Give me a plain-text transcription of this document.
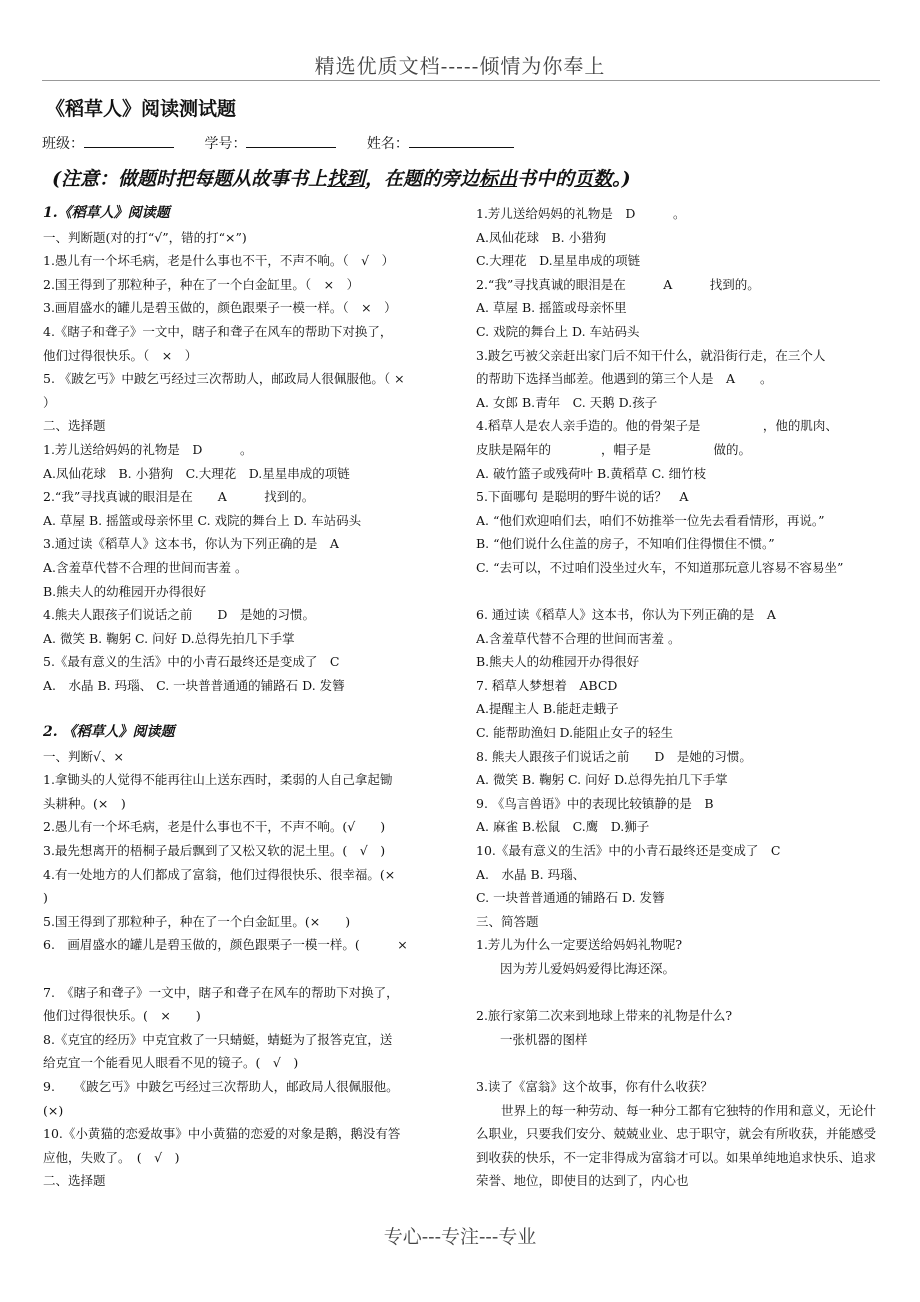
精选优质文档-----倾情为你奉上
《稻草人》阅读测试题
班级：	学号：	姓名：
(注意：做题时把每题从故事书上找到，在题的旁边标出书中的页数。)
1.《稻草人》阅读题
一、判断题(对的打“√”，错的打“×”)
1.愚儿有一个坏毛病，老是什么事也不干，不声不响。（　√　）
2.国王得到了那粒种子，种在了一个白金缸里。（　×　）
3.画眉盛水的罐儿是碧玉做的，颜色跟栗子一模一样。（　×　）
4.《瞎子和聋子》一文中，瞎子和聋子在风车的帮助下对换了，
他们过得很快乐。（　×　）
5. 《跛乞丐》中跛乞丐经过三次帮助人，邮政局人很佩服他。（ ×
）
二、选择题
1.芳儿送给妈妈的礼物是　D　　　。
A.凤仙花球　B. 小猎狗　C.大理花　D.星星串成的项链
2.“我”寻找真诚的眼泪是在　　A　　　找到的。
A. 草屋 B. 摇篮或母亲怀里 C. 戏院的舞台上 D. 车站码头
3.通过读《稻草人》这本书，你认为下列正确的是　A　　　　
A.含羞草代替不合理的世间而害羞 。
B.熊夫人的幼稚园开办得很好
4.熊夫人跟孩子们说话之前　　D　是她的习惯。
A. 微笑 B. 鞠躬 C. 问好 D.总得先拍几下手掌
5.《最有意义的生活》中的小青石最终还是变成了　C　　
A.　水晶 B. 玛瑙、 C. 一块普普通通的铺路石 D. 发簪
2. 《稻草人》阅读题
一、判断√、×
1.拿锄头的人觉得不能再往山上送东西时，柔弱的人自己拿起锄
头耕种。(×　)
2.愚儿有一个坏毛病，老是什么事也不干，不声不响。(√　　)
3.最先想离开的梧桐子最后飘到了又松又软的泥土里。(　√　)
4.有一处地方的人们都成了富翁，他们过得很快乐、很幸福。(×
)
5.国王得到了那粒种子，种在了一个白金缸里。(×　　)
6.　画眉盛水的罐儿是碧玉做的，颜色跟栗子一模一样。(　　　×
7.　《瞎子和聋子》一文中，瞎子和聋子在风车的帮助下对换了，
他们过得很快乐。(　×　　)
8.《克宜的经历》中克宜救了一只蜻蜓，蜻蜓为了报答克宜，送
给克宜一个能看见人眼看不见的镜子。(　√　)
9.　　《跛乞丐》中跛乞丐经过三次帮助人，邮政局人很佩服他。
(×)
10.《小黄猫的恋爱故事》中小黄猫的恋爱的对象是鹅，鹅没有答
应他，失败了。　(　√　)
二、选择题
1.芳儿送给妈妈的礼物是　D　　　。
A.凤仙花球　B. 小猎狗
C.大理花　D.星星串成的项链
2.“我”寻找真诚的眼泪是在　　　A　　　找到的。
A. 草屋 B. 摇篮或母亲怀里
C. 戏院的舞台上 D. 车站码头
3.跛乞丐被父亲赶出家门后不知干什么，就沿街行走，在三个人
的帮助下选择当邮差。他遇到的第三个人是　A　　。
A. 女郎 B.青年　C. 天鹅 D.孩子
4.稻草人是农人亲手造的。他的骨架子是　　　　　，他的肌肉、
皮肤是隔年的　　　　，帽子是　　　　　做的。
A. 破竹篮子或残荷叶 B.黄稻草 C. 细竹枝
5.下面哪句 是聪明的野牛说的话？　A　　
A. “他们欢迎咱们去，咱们不妨推举一位先去看看情形，再说。”
B. “他们说什么住盖的房子，不知咱们住得惯住不惯。”
C. “去可以，不过咱们没坐过火车，不知道那玩意儿容易不容易坐”
6. 通过读《稻草人》这本书，你认为下列正确的是　A　　　
A.含羞草代替不合理的世间而害羞 。
B.熊夫人的幼稚园开办得很好
7. 稻草人梦想着　ABCD　　　　
A.提醒主人 B.能赶走蛾子
C. 能帮助渔妇 D.能阻止女子的轻生
8. 熊夫人跟孩子们说话之前　　D　是她的习惯。
A. 微笑 B. 鞠躬 C. 问好 D.总得先拍几下手掌
9. 《鸟言兽语》中的表现比较镇静的是　B　　
A. 麻雀 B.松鼠　C.鹰　D.狮子
10.《最有意义的生活》中的小青石最终还是变成了　C　　
A.　水晶 B. 玛瑙、
C. 一块普普通通的铺路石 D. 发簪
三、简答题
1.芳儿为什么一定要送给妈妈礼物呢?
因为芳儿爱妈妈爱得比海还深。
2.旅行家第二次来到地球上带来的礼物是什么?
一张机器的图样
3.读了《富翁》这个故事，你有什么收获？
世界上的每一种劳动、每一种分工都有它独特的作用和意义，无论什么职业，只要我们安分、兢兢业业、忠于职守，就会有所收获，并能感受到收获的快乐，不一定非得成为富翁才可以。如果单纯地追求快乐、追求荣誉、地位，即使目的达到了，内心也
专心---专注---专业
